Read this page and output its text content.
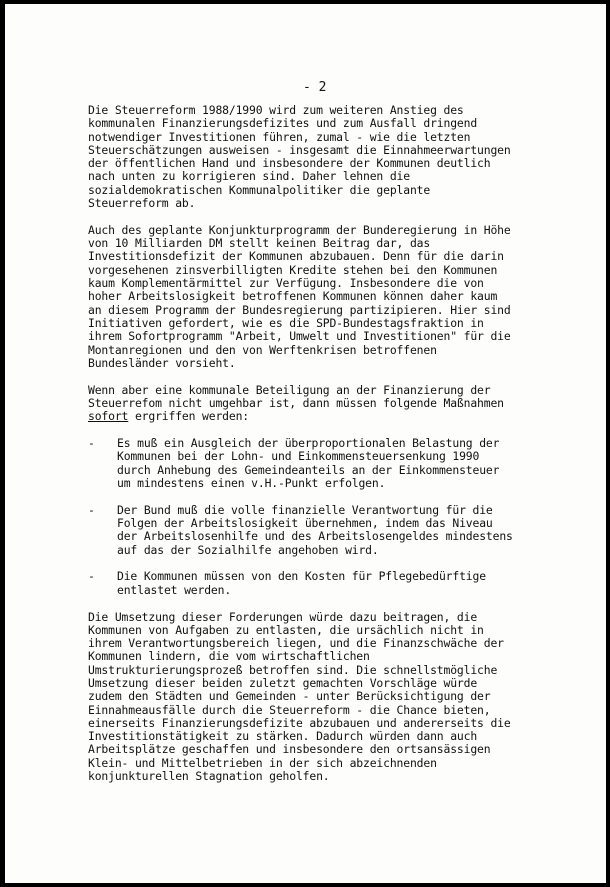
- 2
Die Steuerreform 1988/1990 wird zum weiteren Anstieg des
kommunalen Finanzierungsdefizites und zum Ausfall dringend
notwendiger Investitionen führen, zumal - wie die letzten
Steuerschätzungen ausweisen - insgesamt die Einnahmeerwartungen
der öffentlichen Hand und insbesondere der Kommunen deutlich
nach unten zu korrigieren sind. Daher lehnen die
sozialdemokratischen Kommunalpolitiker die geplante
Steuerreform ab.
Auch des geplante Konjunkturprogramm der Bunderegierung in Höhe
von 10 Milliarden DM stellt keinen Beitrag dar, das
Investitionsdefizit der Kommunen abzubauen. Denn für die darin
vorgesehenen zinsverbilligten Kredite stehen bei den Kommunen
kaum Komplementärmittel zur Verfügung. Insbesondere die von
hoher Arbeitslosigkeit betroffenen Kommunen können daher kaum
an diesem Programm der Bundesregierung partizipieren. Hier sind
Initiativen gefordert, wie es die SPD-Bundestagsfraktion in
ihrem Sofortprogramm "Arbeit, Umwelt und Investitionen" für die
Montanregionen und den von Werftenkrisen betroffenen
Bundesländer vorsieht.
Wenn aber eine kommunale Beteiligung an der Finanzierung der
Steuerrefom nicht umgehbar ist, dann müssen folgende Maßnahmen
sofort ergriffen werden:
- Es muß ein Ausgleich der überproportionalen Belastung der
Kommunen bei der Lohn- und Einkommensteuersenkung 1990
durch Anhebung des Gemeindeanteils an der Einkommensteuer
um mindestens einen v.H.-Punkt erfolgen.
- Der Bund muß die volle finanzielle Verantwortung für die
Folgen der Arbeitslosigkeit übernehmen, indem das Niveau
der Arbeitslosenhilfe und des Arbeitslosengeldes mindestens
auf das der Sozialhilfe angehoben wird.
- Die Kommunen müssen von den Kosten für Pflegebedürftige
entlastet werden.
Die Umsetzung dieser Forderungen würde dazu beitragen, die
Kommunen von Aufgaben zu entlasten, die ursächlich nicht in
ihrem Verantwortungsbereich liegen, und die Finanzschwäche der
Kommunen lindern, die vom wirtschaftlichen
Umstrukturierungsprozeß betroffen sind. Die schnellstmögliche
Umsetzung dieser beiden zuletzt gemachten Vorschläge würde
zudem den Städten und Gemeinden - unter Berücksichtigung der
Einnahmeausfälle durch die Steuerreform - die Chance bieten,
einerseits Finanzierungsdefizite abzubauen und andererseits die
Investitionstätigkeit zu stärken. Dadurch würden dann auch
Arbeitsplätze geschaffen und insbesondere den ortsansässigen
Klein- und Mittelbetrieben in der sich abzeichnenden
konjunkturellen Stagnation geholfen.
